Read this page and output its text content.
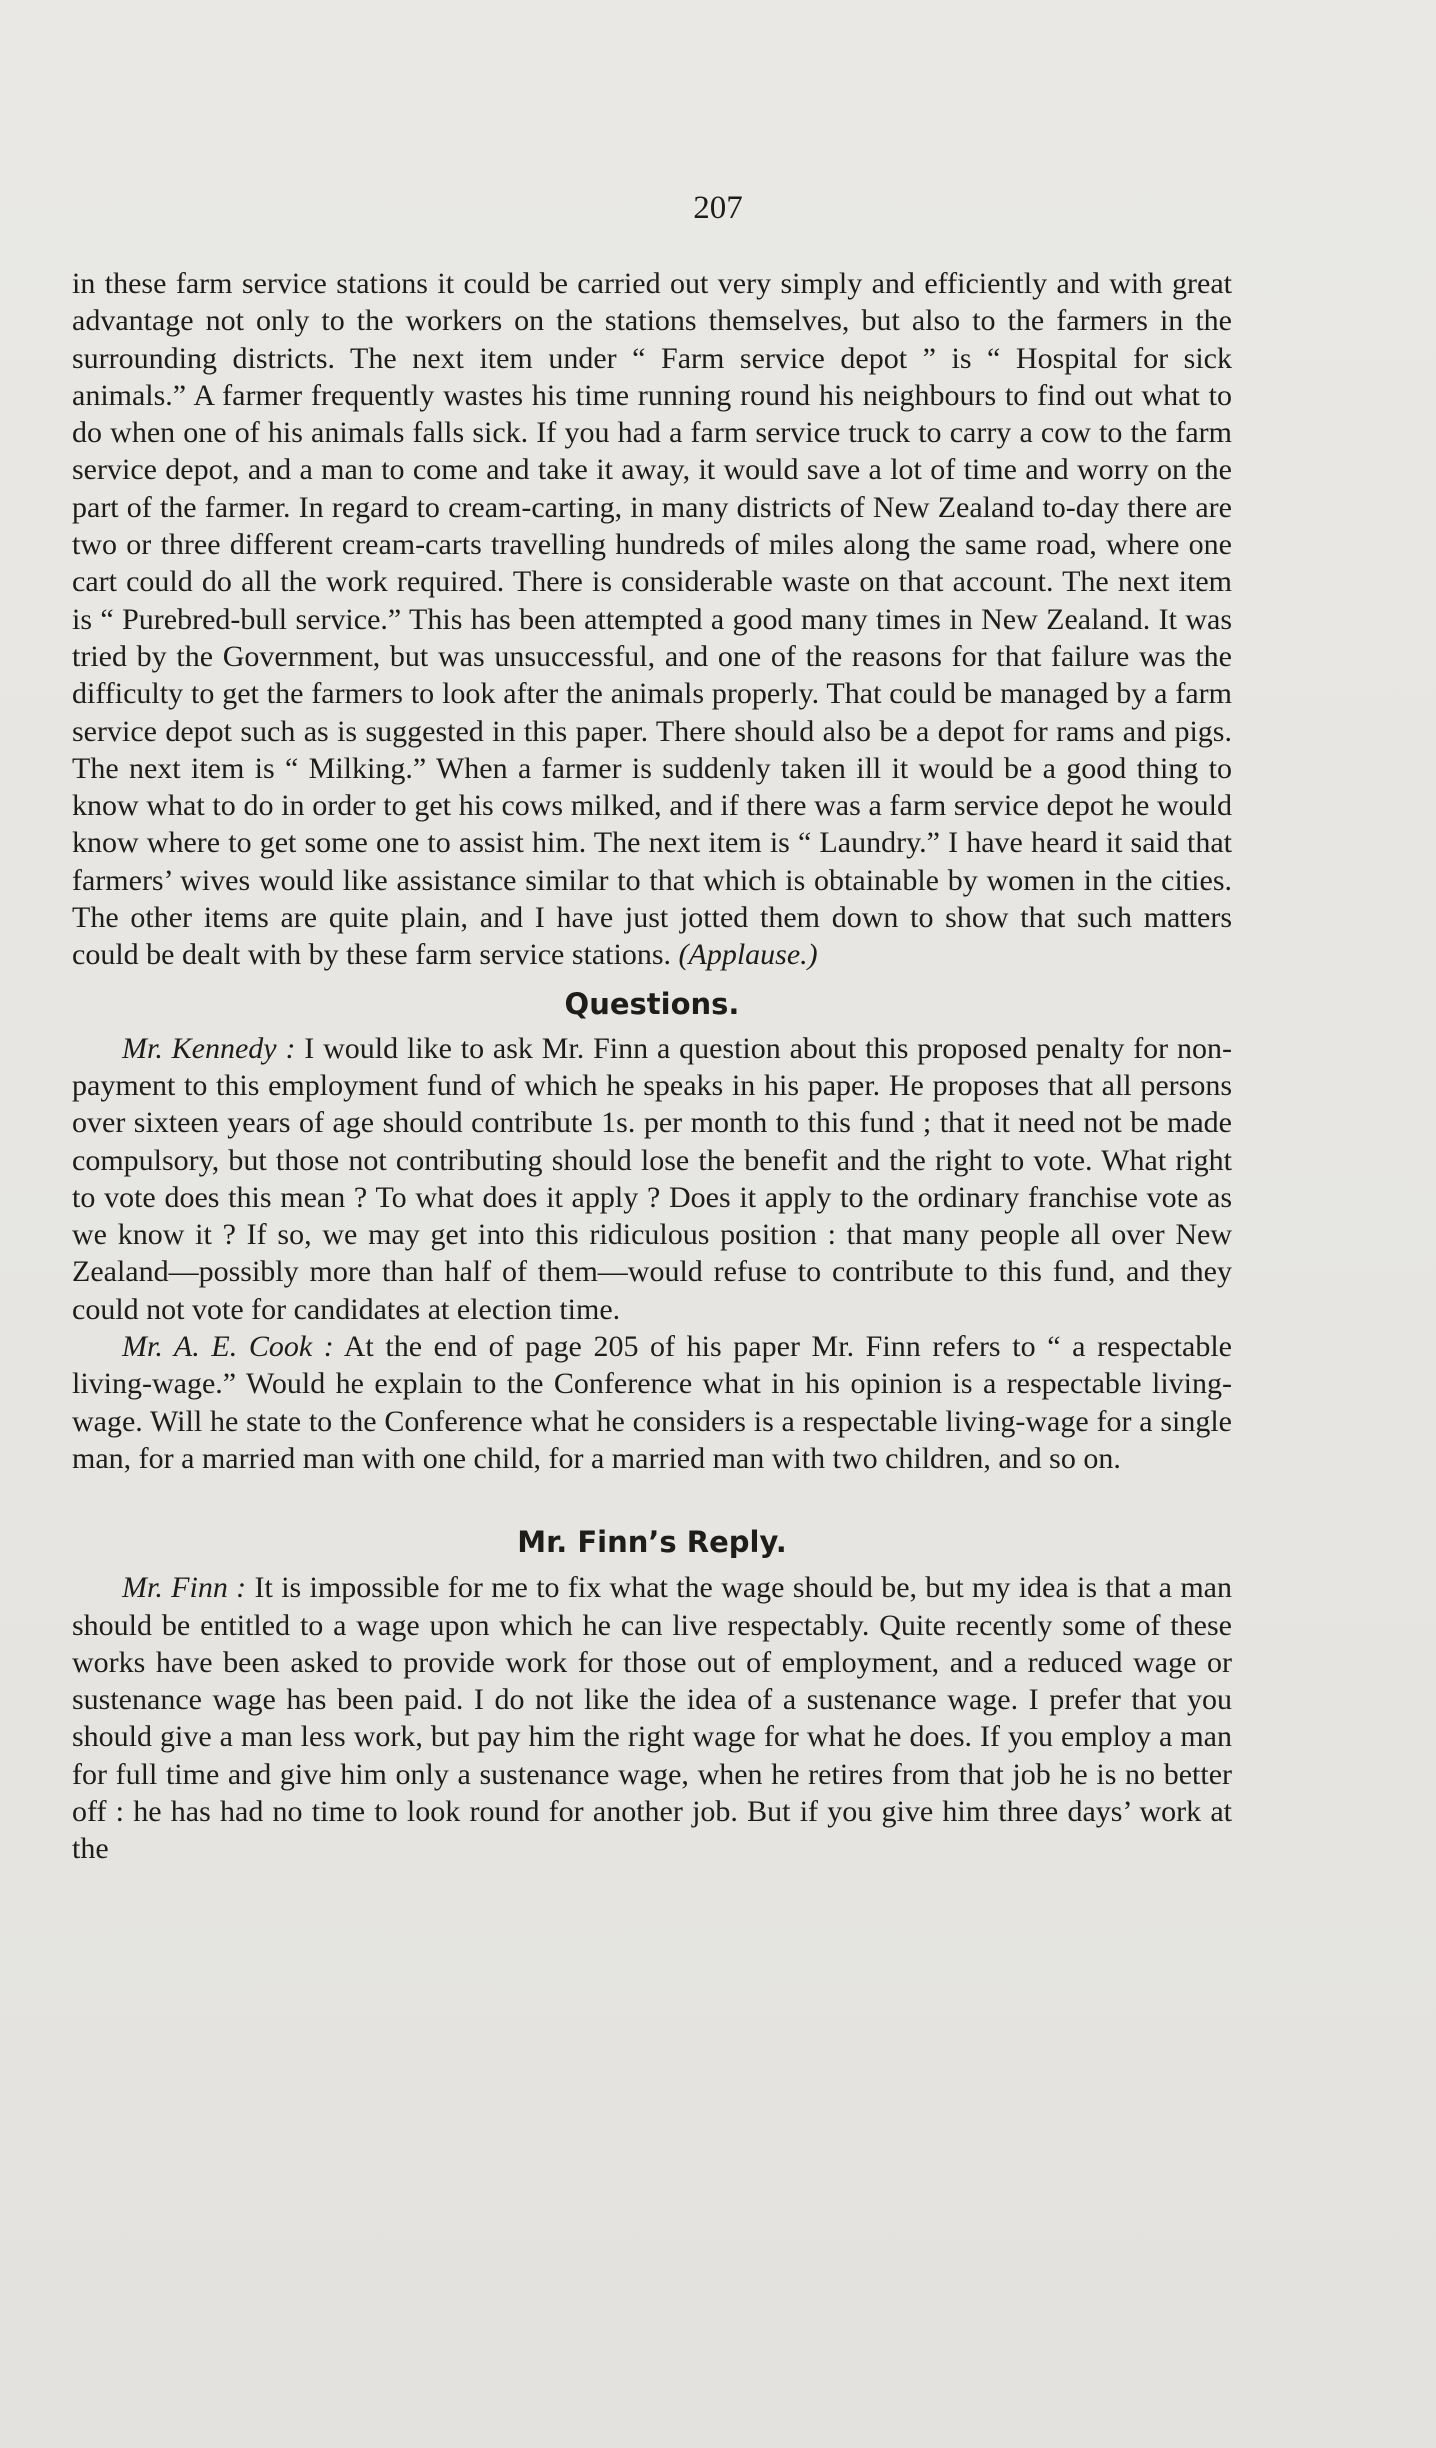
207

in these farm service stations it could be carried out very simply and efficiently and with great advantage not only to the workers on the stations themselves, but also to the farmers in the surrounding districts. The next item under “ Farm service depot ” is “ Hospital for sick animals.” A farmer frequently wastes his time running round his neighbours to find out what to do when one of his animals falls sick. If you had a farm service truck to carry a cow to the farm service depot, and a man to come and take it away, it would save a lot of time and worry on the part of the farmer. In regard to cream-carting, in many districts of New Zealand to-day there are two or three different cream-carts travelling hundreds of miles along the same road, where one cart could do all the work required. There is considerable waste on that account. The next item is “ Purebred-bull service.” This has been attempted a good many times in New Zealand. It was tried by the Government, but was unsuccessful, and one of the reasons for that failure was the difficulty to get the farmers to look after the animals properly. That could be managed by a farm service depot such as is suggested in this paper. There should also be a depot for rams and pigs. The next item is “ Milking.” When a farmer is suddenly taken ill it would be a good thing to know what to do in order to get his cows milked, and if there was a farm service depot he would know where to get some one to assist him. The next item is “ Laundry.” I have heard it said that farmers’ wives would like assistance similar to that which is obtainable by women in the cities. The other items are quite plain, and I have just jotted them down to show that such matters could be dealt with by these farm service stations. (Applause.)

Questions.

Mr. Kennedy : I would like to ask Mr. Finn a question about this proposed penalty for non-payment to this employment fund of which he speaks in his paper. He proposes that all persons over sixteen years of age should contribute 1s. per month to this fund ; that it need not be made compulsory, but those not contributing should lose the benefit and the right to vote. What right to vote does this mean ? To what does it apply ? Does it apply to the ordinary franchise vote as we know it ? If so, we may get into this ridiculous position : that many people all over New Zealand—possibly more than half of them—would refuse to contribute to this fund, and they could not vote for candidates at election time.

Mr. A. E. Cook : At the end of page 205 of his paper Mr. Finn refers to “ a respectable living-wage.” Would he explain to the Conference what in his opinion is a respectable living-wage. Will he state to the Conference what he considers is a respectable living-wage for a single man, for a married man with one child, for a married man with two children, and so on.

Mr. Finn’s Reply.

Mr. Finn : It is impossible for me to fix what the wage should be, but my idea is that a man should be entitled to a wage upon which he can live respectably. Quite recently some of these works have been asked to provide work for those out of employment, and a reduced wage or sustenance wage has been paid. I do not like the idea of a sustenance wage. I prefer that you should give a man less work, but pay him the right wage for what he does. If you employ a man for full time and give him only a sustenance wage, when he retires from that job he is no better off : he has had no time to look round for another job. But if you give him three days’ work at the
